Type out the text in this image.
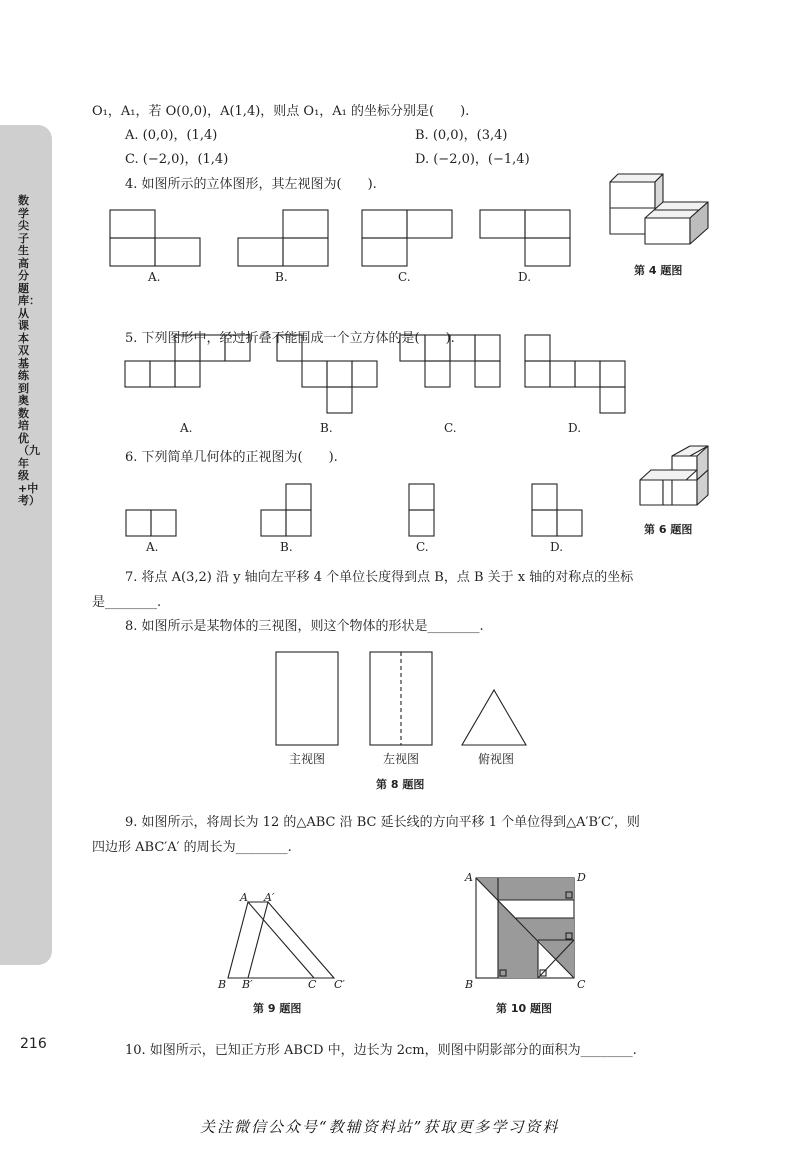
数学尖子生高分题库：从课本双基练到奥数培优（九年级+中考）
O₁，A₁，若 O(0,0)，A(1,4)，则点 O₁，A₁ 的坐标分别是(　　).
A. (0,0)，(1,4)	B. (0,0)，(3,4)
C. (−2,0)，(1,4)	D. (−2,0)，(−1,4)
4. 如图所示的立体图形，其左视图为(　　).
A.	B.	C.	D.	第 4 题图
5. 下列图形中，经过折叠不能围成一个立方体的是(　　).
A.	B.	C.	D.
6. 下列简单几何体的正视图为(　　).
A.	B.	C.	D.
第 6 题图
7. 将点 A(3,2) 沿 y 轴向左平移 4 个单位长度得到点 B，点 B 关于 x 轴的对称点的坐标
是________.
8. 如图所示是某物体的三视图，则这个物体的形状是________.
主视图	左视图	俯视图
第 8 题图
9. 如图所示，将周长为 12 的△ABC 沿 BC 延长线的方向平移 1 个单位得到△A′B′C′，则
四边形 ABC′A′ 的周长为________.
A A′
B B′	C C′
第 9 题图
A	D
B	C
第 10 题图
216	10. 如图所示，已知正方形 ABCD 中，边长为 2cm，则图中阴影部分的面积为________.
关注微信公众号“教辅资料站”获取更多学习资料
